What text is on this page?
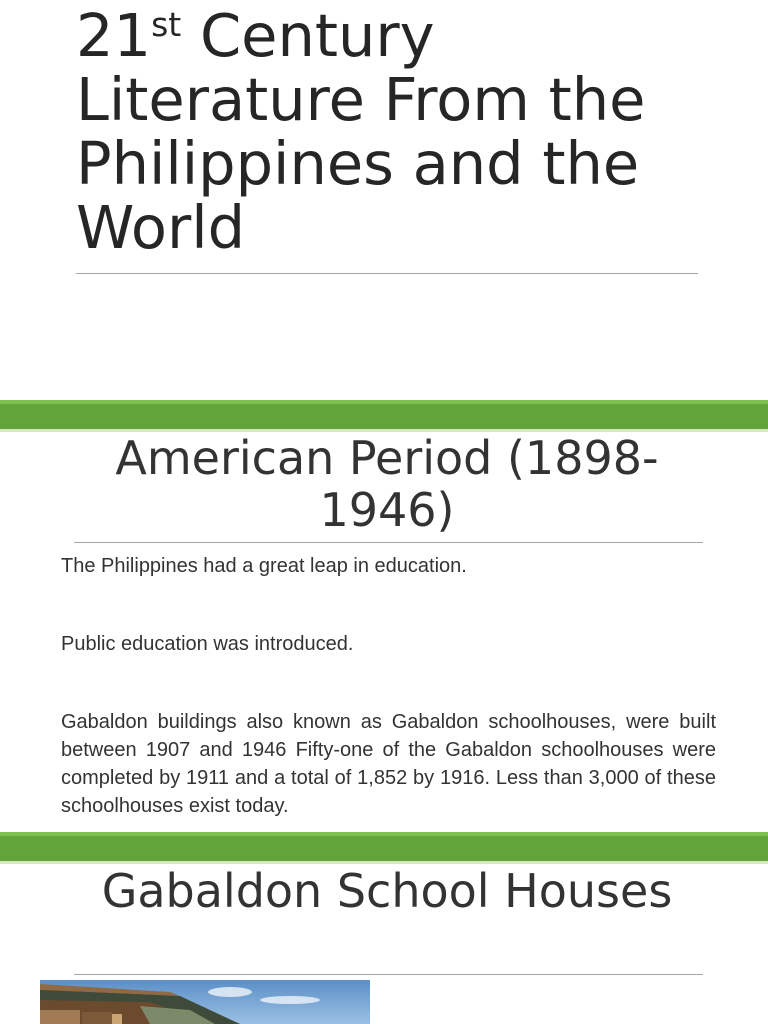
21st Century Literature From the Philippines and the World
American Period (1898-1946)

The Philippines had a great leap in education.

Public education was introduced.

Gabaldon buildings also known as Gabaldon schoolhouses, were built between 1907 and 1946 Fifty-one of the Gabaldon schoolhouses were completed by 1911 and a total of 1,852 by 1916. Less than 3,000 of these schoolhouses exist today.

Gabaldon School Houses
